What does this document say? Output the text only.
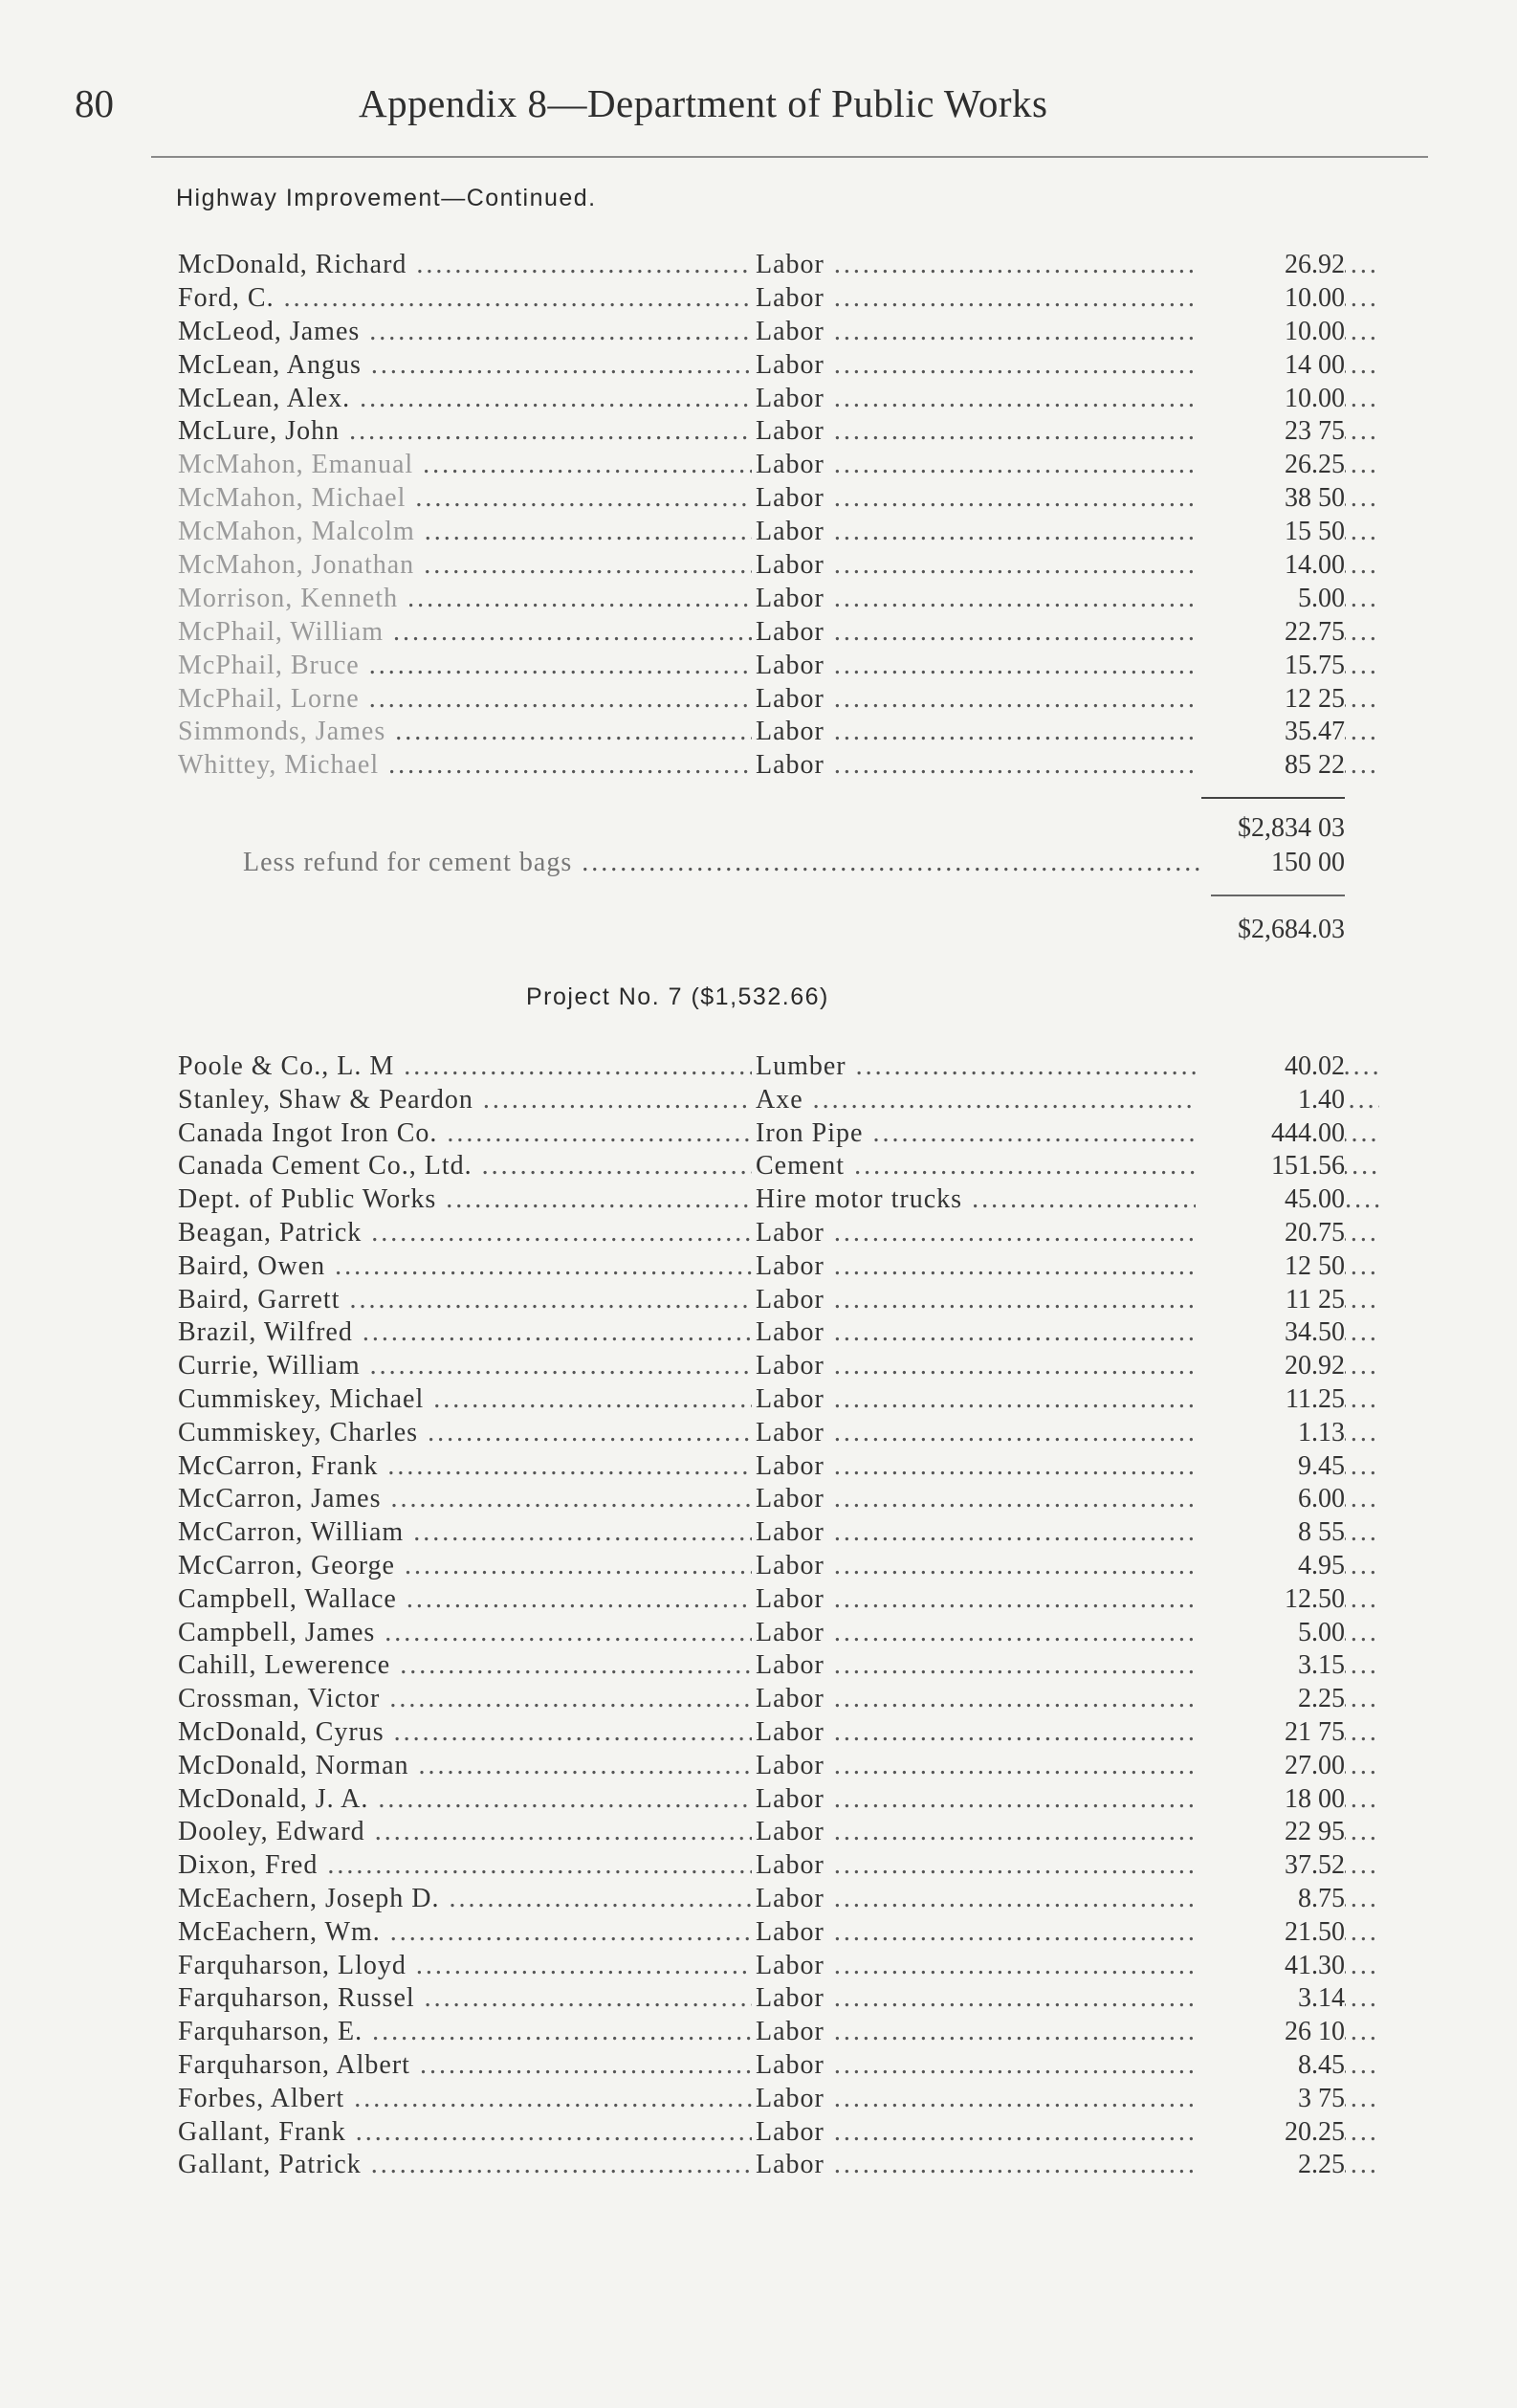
80	Appendix 8—Department of Public Works
Highway Improvement—Continued.
McDonald, Richard .....	Labor .....	26.92
Ford, C. .....	Labor .....	10.00
McLeod, James .....	Labor .....	10.00
McLean, Angus .....	Labor .....	14 00
McLean, Alex. .....	Labor .....	10.00
McLure, John .....	Labor .....	23 75
McMahon, Emanual .....	Labor .....	26.25
McMahon, Michael .....	Labor .....	38 50
McMahon, Malcolm .....	Labor .....	15 50
McMahon, Jonathan .....	Labor .....	14.00
Morrison, Kenneth .....	Labor .....	5.00
McPhail, William .....	Labor .....	22.75
McPhail, Bruce .....	Labor .....	15.75
McPhail, Lorne .....	Labor .....	12 25
Simmonds, James .....	Labor .....	35.47
Whittey, Michael .....	Labor .....	85 22
$2,834 03
Less refund for cement bags .....	150 00
$2,684.03
Project No. 7 ($1,532.66)
Poole & Co., L. M .....	Lumber .....	40.02
Stanley, Shaw & Peardon .....	Axe .....	1.40
Canada Ingot Iron Co. .....	Iron Pipe .....	444.00
Canada Cement Co., Ltd. .....	Cement .....	151.56
Dept. of Public Works .....	Hire motor trucks .....	45.00
Beagan, Patrick .....	Labor .....	20.75
Baird, Owen .....	Labor .....	12 50
Baird, Garrett .....	Labor .....	11 25
Brazil, Wilfred .....	Labor .....	34.50
Currie, William .....	Labor .....	20.92
Cummiskey, Michael .....	Labor .....	11.25
Cummiskey, Charles .....	Labor .....	1.13
McCarron, Frank .....	Labor .....	9.45
McCarron, James .....	Labor .....	6.00
McCarron, William .....	Labor .....	8 55
McCarron, George .....	Labor .....	4.95
Campbell, Wallace .....	Labor .....	12.50
Campbell, James .....	Labor .....	5.00
Cahill, Lewerence .....	Labor .....	3.15
Crossman, Victor .....	Labor .....	2.25
McDonald, Cyrus .....	Labor .....	21 75
McDonald, Norman .....	Labor .....	27.00
McDonald, J. A. .....	Labor .....	18 00
Dooley, Edward .....	Labor .....	22 95
Dixon, Fred .....	Labor .....	37.52
McEachern, Joseph D. .....	Labor .....	8.75
McEachern, Wm. .....	Labor .....	21.50
Farquharson, Lloyd .....	Labor .....	41.30
Farquharson, Russel .....	Labor .....	3.14
Farquharson, E. .....	Labor .....	26 10
Farquharson, Albert .....	Labor .....	8.45
Forbes, Albert .....	Labor .....	3 75
Gallant, Frank .....	Labor .....	20.25
Gallant, Patrick .....	Labor .....	2.25
